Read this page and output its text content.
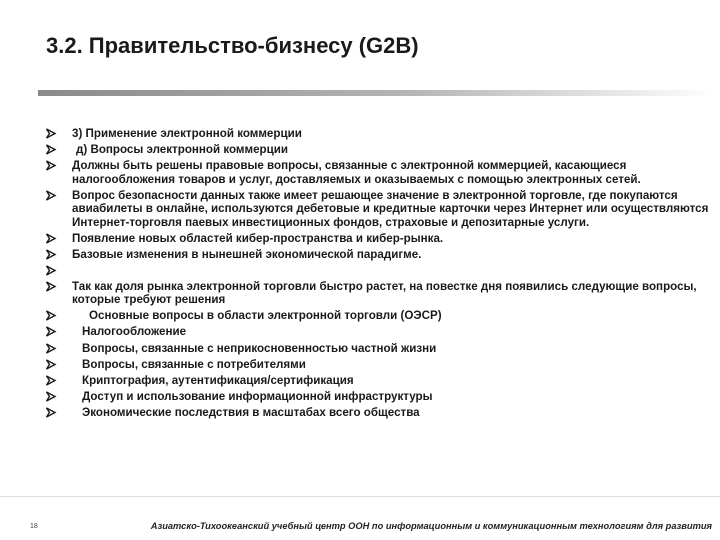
3.2. Правительство-бизнесу (G2B)
3) Применение электронной коммерции
д) Вопросы электронной коммерции
Должны быть решены правовые вопросы, связанные с электронной коммерцией, касающиеся налогообложения товаров и услуг, доставляемых и оказываемых с помощью электронных сетей.
Вопрос безопасности данных также имеет решающее значение в электронной торговле, где покупаются авиабилеты в онлайне, используются дебетовые и кредитные карточки через Интернет или осуществляются Интернет-торговля паевых инвестиционных фондов, страховые и депозитарные услуги.
Появление новых областей кибер-пространства и кибер-рынка.
Базовые изменения в нынешней экономической парадигме.
Так как доля рынка электронной торговли быстро растет, на повестке дня появились следующие вопросы, которые требуют решения
Основные вопросы в области электронной торговли (ОЭСР)
Налогообложение
Вопросы, связанные с неприкосновенностью частной жизни
Вопросы, связанные с потребителями
Криптография, аутентификация/сертификация
Доступ и использование информационной инфраструктуры
Экономические последствия в масштабах всего общества
18	Азиатско-Тихоокеанский учебный центр ООН по информационным и коммуникационным технологиям для развития
